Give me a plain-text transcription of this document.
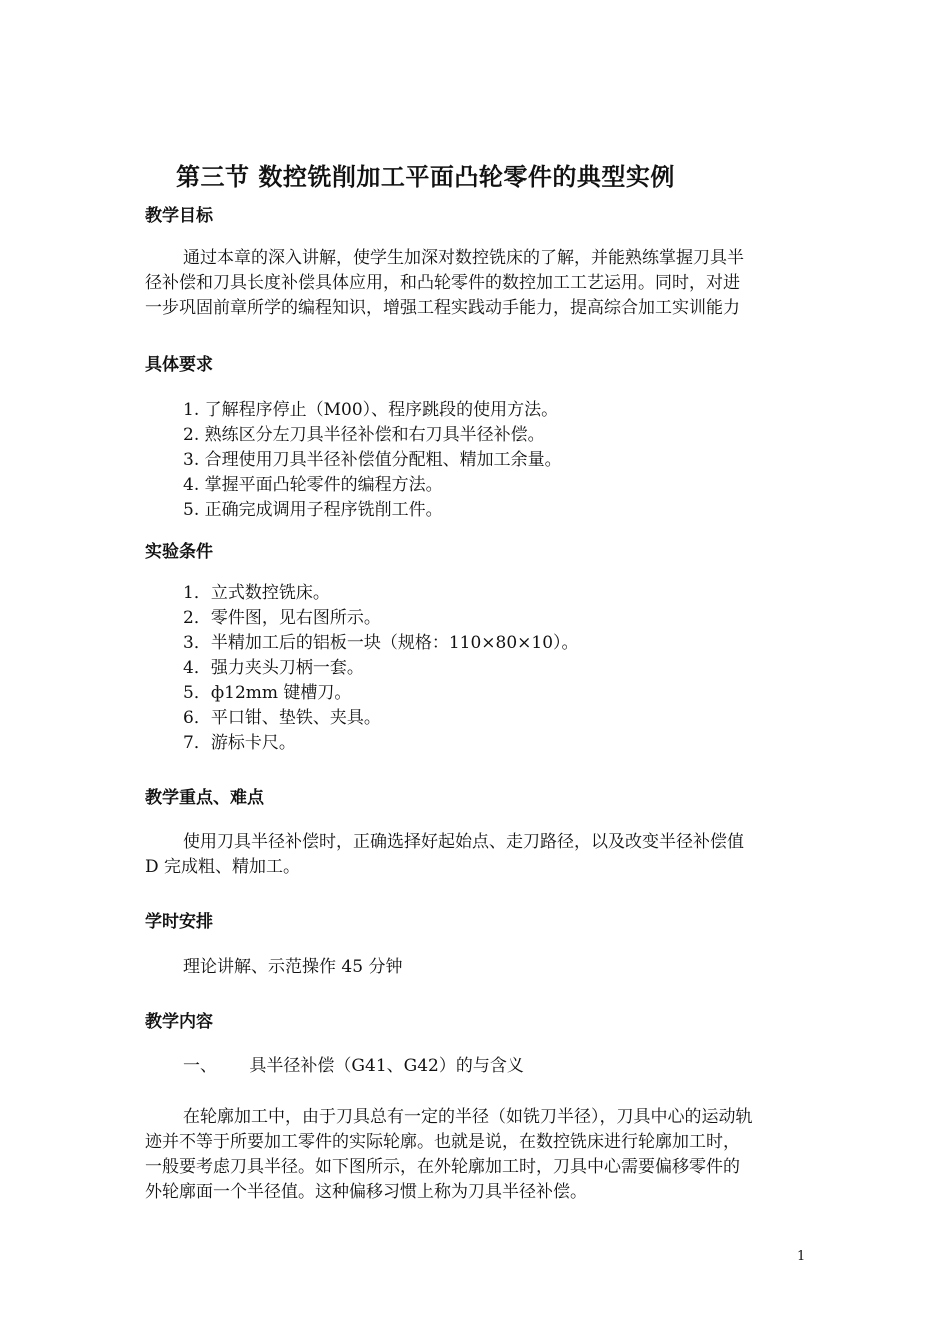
第三节 数控铣削加工平面凸轮零件的典型实例
教学目标
通过本章的深入讲解，使学生加深对数控铣床的了解，并能熟练掌握刀具半
径补偿和刀具长度补偿具体应用，和凸轮零件的数控加工工艺运用。同时，对进
一步巩固前章所学的编程知识，增强工程实践动手能力，提高综合加工实训能力
具体要求
1. 了解程序停止（M00）、程序跳段的使用方法。
2. 熟练区分左刀具半径补偿和右刀具半径补偿。
3. 合理使用刀具半径补偿值分配粗、精加工余量。
4. 掌握平面凸轮零件的编程方法。
5. 正确完成调用子程序铣削工件。
实验条件
1．立式数控铣床。
2．零件图，见右图所示。
3．半精加工后的铝板一块（规格：110×80×10）。
4．强力夹头刀柄一套。
5．ф12mm 键槽刀。
6．平口钳、垫铁、夹具。
7．游标卡尺。
教学重点、难点
使用刀具半径补偿时，正确选择好起始点、走刀路径，以及改变半径补偿值
D 完成粗、精加工。
学时安排
理论讲解、示范操作 45 分钟
教学内容
一、      具半径补偿（G41、G42）的与含义
在轮廓加工中，由于刀具总有一定的半径（如铣刀半径），刀具中心的运动轨
迹并不等于所要加工零件的实际轮廓。也就是说，在数控铣床进行轮廓加工时，
一般要考虑刀具半径。如下图所示，在外轮廓加工时，刀具中心需要偏移零件的
外轮廓面一个半径值。这种偏移习惯上称为刀具半径补偿。
1
